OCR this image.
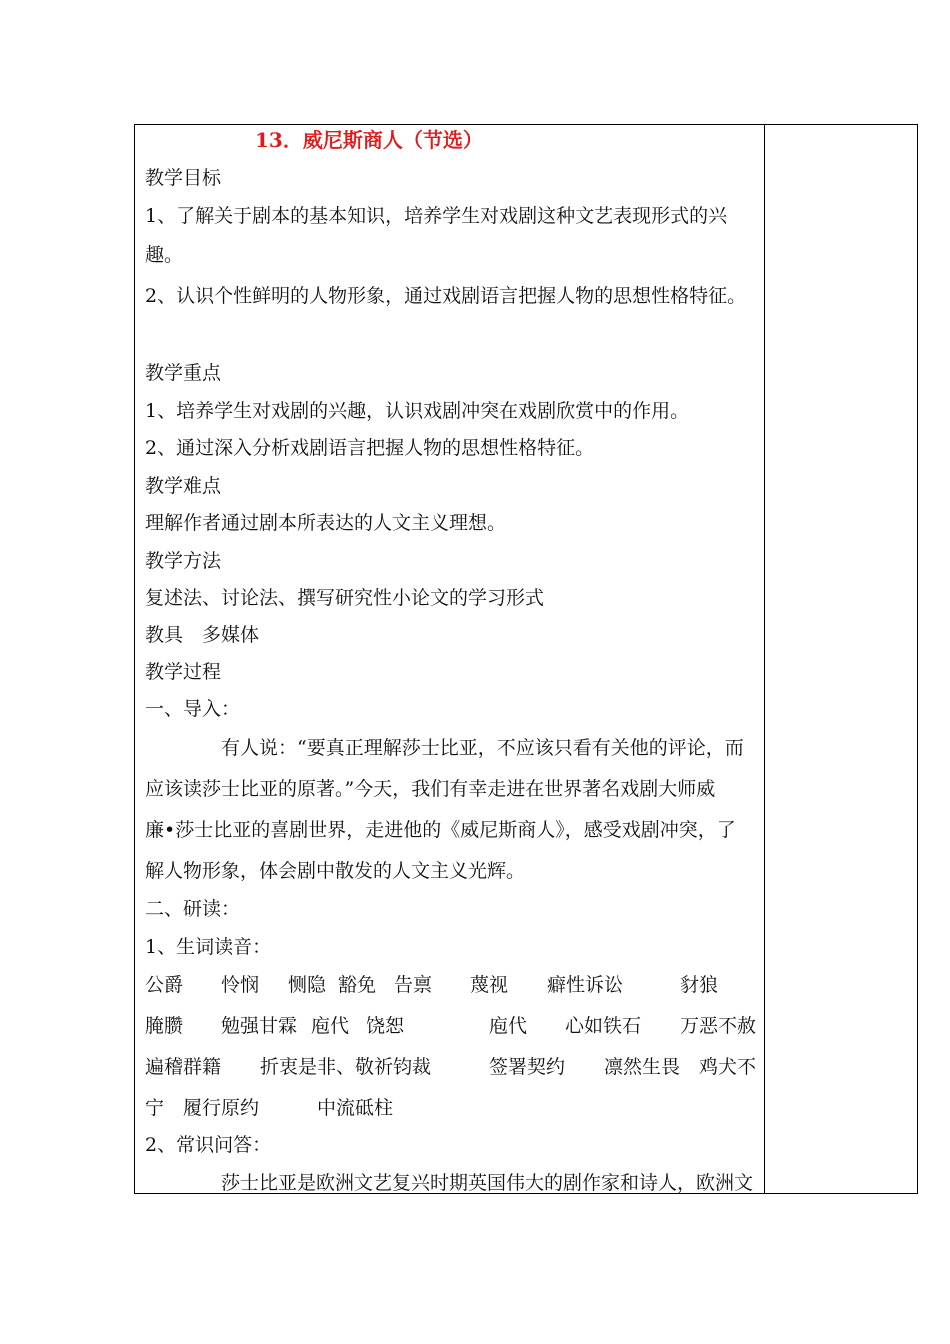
13．威尼斯商人（节选）
教学目标
1、了解关于剧本的基本知识，培养学生对戏剧这种文艺表现形式的兴
趣。
2、认识个性鲜明的人物形象，通过戏剧语言把握人物的思想性格特征。
教学重点
1、培养学生对戏剧的兴趣，认识戏剧冲突在戏剧欣赏中的作用。
2、通过深入分析戏剧语言把握人物的思想性格特征。
教学难点
理解作者通过剧本所表达的人文主义理想。
教学方法
复述法、讨论法、撰写研究性小论文的学习形式
教具　多媒体
教学过程
一、导入：
有人说：“要真正理解莎士比亚，不应该只看有关他的评论，而
应该读莎士比亚的原著。”今天，我们有幸走进在世界著名戏剧大师威
廉•莎士比亚的喜剧世界，走进他的《威尼斯商人》，感受戏剧冲突，了
解人物形象，体会剧中散发的人文主义光辉。
二、研读：
1、生词读音：
公爵 怜悯 恻隐 豁免 告禀 蔑视 癖性诉讼	豺狼
腌臜 勉强甘霖 庖代 饶恕	庖代 心如铁石 万恶不赦
遍稽群籍 折衷是非、敬祈钧裁	签署契约 凛然生畏 鸡犬不
宁 履行原约	中流砥柱
2、常识问答：
莎士比亚是欧洲文艺复兴时期英国伟大的剧作家和诗人，欧洲文
